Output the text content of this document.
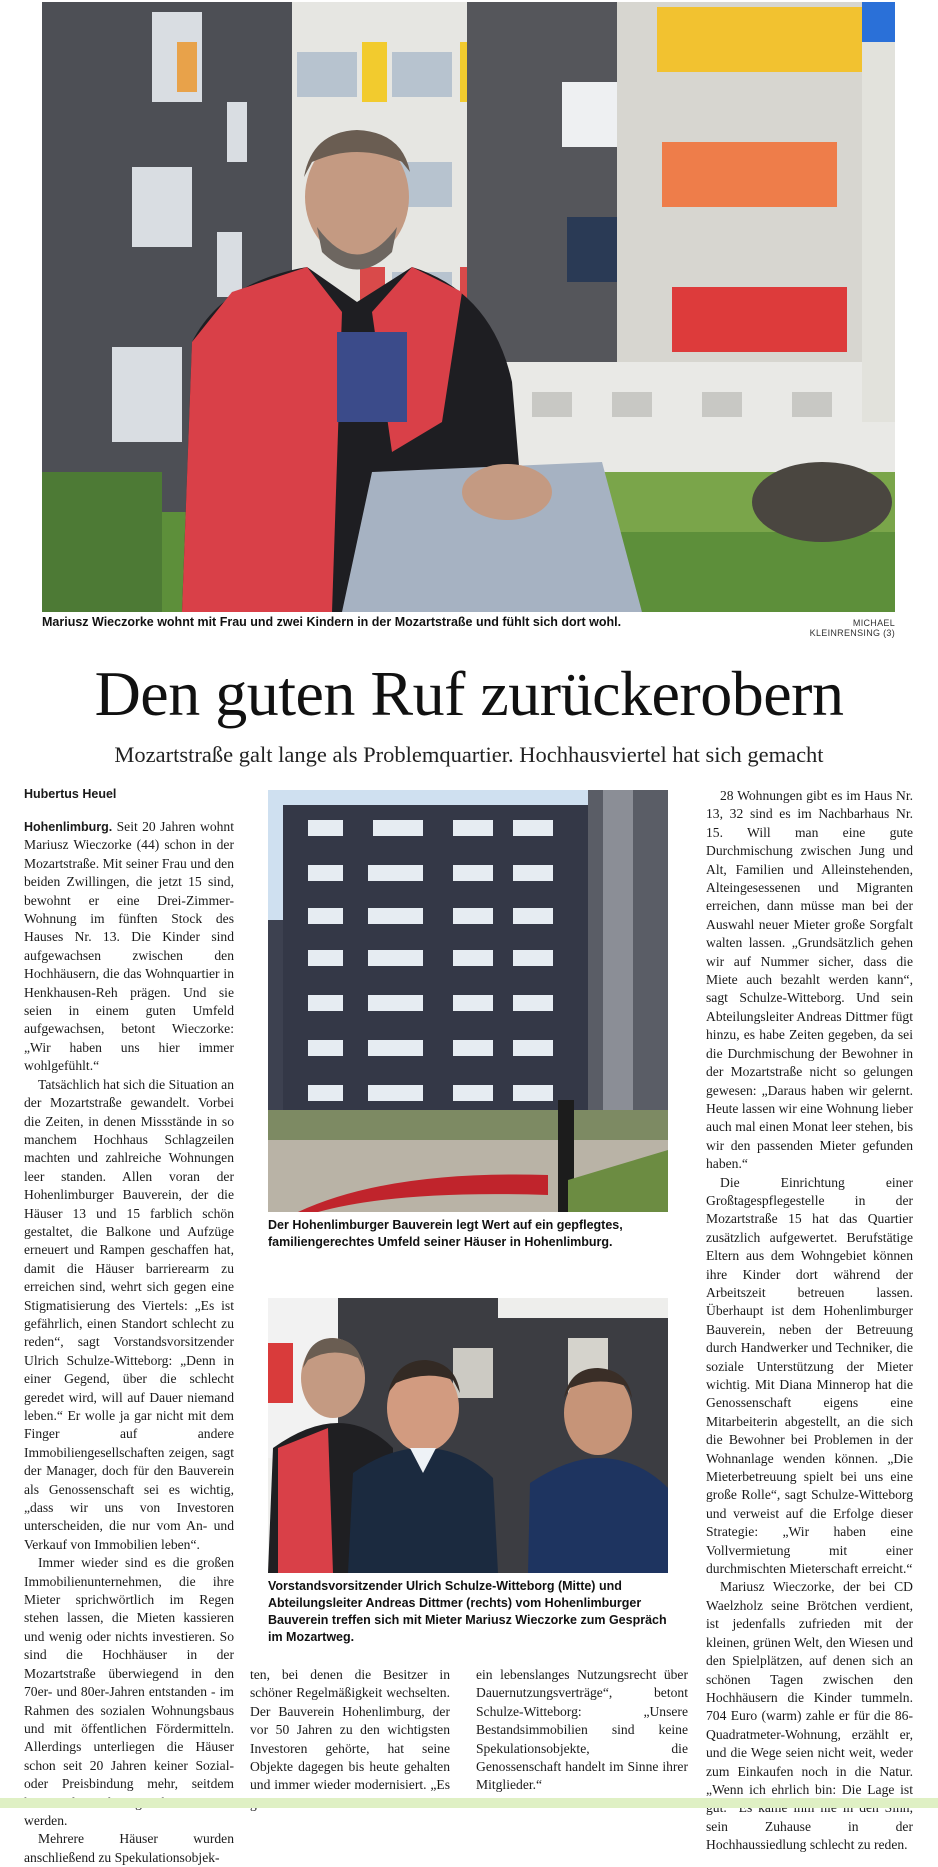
Mariusz Wieczorke wohnt mit Frau und zwei Kindern in der Mozartstraße und fühlt sich dort wohl.	MICHAEL KLEINRENSING (3)
Den guten Ruf zurückerobern
Mozartstraße galt lange als Problemquartier. Hochhausviertel hat sich gemacht
Hubertus Heuel

Hohenlimburg. Seit 20 Jahren wohnt Mariusz Wieczorke (44) schon in der Mozartstraße. Mit seiner Frau und den beiden Zwillingen, die jetzt 15 sind, bewohnt er eine Drei-Zimmer-Wohnung im fünften Stock des Hauses Nr. 13. Die Kinder sind aufgewachsen zwischen den Hochhäusern, die das Wohnquartier in Henkhausen-Reh prägen. Und sie seien in einem guten Umfeld aufgewachsen, betont Wieczorke: „Wir haben uns hier immer wohlgefühlt.“

Tatsächlich hat sich die Situation an der Mozartstraße gewandelt. Vorbei die Zeiten, in denen Missstände in so manchem Hochhaus Schlagzeilen machten und zahlreiche Wohnungen leer standen. Allen voran der Hohenlimburger Bauverein, der die Häuser 13 und 15 farblich schön gestaltet, die Balkone und Aufzüge erneuert und Rampen geschaffen hat, damit die Häuser barrierearm zu erreichen sind, wehrt sich gegen eine Stigmatisierung des Viertels: „Es ist gefährlich, einen Standort schlecht zu reden“, sagt Vorstandsvorsitzender Ulrich Schulze-Witteborg: „Denn in einer Gegend, über die schlecht geredet wird, will auf Dauer niemand leben.“ Er wolle ja gar nicht mit dem Finger auf andere Immobiliengesellschaften zeigen, sagt der Manager, doch für den Bauverein als Genossenschaft sei es wichtig, „dass wir uns von Investoren unterscheiden, die nur vom An- und Verkauf von Immobilien leben“.

Immer wieder sind es die großen Immobilienunternehmen, die ihre Mieter sprichwörtlich im Regen stehen lassen, die Mieten kassieren und wenig oder nichts investieren. So sind die Hochhäuser in der Mozartstraße überwiegend in den 70er- und 80er-Jahren entstanden - im Rahmen des sozialen Wohnungsbaus und mit öffentlichen Fördermitteln. Allerdings unterliegen die Häuser schon seit 20 Jahren keiner Sozial- oder Preisbindung mehr, seitdem werden.

Mehrere Häuser wurden anschließend zu Spekulationsobjek-

Der Hohenlimburger Bauverein legt Wert auf ein gepflegtes, familiengerechtes Umfeld seiner Häuser in Hohenlimburg.
Vorstandsvorsitzender Ulrich Schulze-Witteborg (Mitte) und Abteilungsleiter Andreas Dittmer (rechts) vom Hohenlimburger Bauverein treffen sich mit Mieter Mariusz Wieczorke zum Gespräch im Mozartweg.

ten, bei denen die Besitzer in schöner Regelmäßigkeit wechselten. Der Bauverein Hohenlimburg, der vor 50 Jahren zu den wichtigsten Investoren gehörte, hat seine Objekte dagegen bis heute gehalten und immer wieder modernisiert. „Es

ein lebenslanges Nutzungsrecht über Dauernutzungsverträge“, betont Schulze-Witteborg: „Unsere Bestandsimmobilien sind keine Spekulationsobjekte, die Genossenschaft handelt im Sinne ihrer Mitglieder.“

28 Wohnungen gibt es im Haus Nr. 13, 32 sind es im Nachbarhaus Nr. 15. Will man eine gute Durchmischung zwischen Jung und Alt, Familien und Alleinstehenden, Alteingesessenen und Migranten erreichen, dann müsse man bei der Auswahl neuer Mieter große Sorgfalt walten lassen. „Grundsätzlich gehen wir auf Nummer sicher, dass die Miete auch bezahlt werden kann“, sagt Schulze-Witteborg. Und sein Abteilungsleiter Andreas Dittmer fügt hinzu, es habe Zeiten gegeben, da sei die Durchmischung der Bewohner in der Mozartstraße nicht so gelungen gewesen: „Daraus haben wir gelernt. Heute lassen wir eine Wohnung lieber auch mal einen Monat leer stehen, bis wir den passenden Mieter gefunden haben.“

Die Einrichtung einer Großtagespflegestelle in der Mozartstraße 15 hat das Quartier zusätzlich aufgewertet. Berufstätige Eltern aus dem Wohngebiet können ihre Kinder dort während der Arbeitszeit betreuen lassen. Überhaupt ist dem Hohenlimburger Bauverein, neben der Betreuung durch Handwerker und Techniker, die soziale Unterstützung der Mieter wichtig. Mit Diana Minnerop hat die Genossenschaft eigens eine Mitarbeiterin abgestellt, an die sich die Bewohner bei Problemen in der Wohnanlage wenden können. „Die Mieterbetreuung spielt bei uns eine große Rolle“, sagt Schulze-Witteborg und verweist auf die Erfolge dieser Strategie: „Wir haben eine Vollvermietung mit einer durchmischten Mieterschaft erreicht.“

Mariusz Wieczorke, der bei CD Waelzholz seine Brötchen verdient, ist jedenfalls zufrieden mit der kleinen, grünen Welt, den Wiesen und den Spielplätzen, auf denen sich an schönen Tagen zwischen den Hochhäusern die Kinder tummeln. 704 Euro (warm) zahle er für die 86-Quadratmeter-Wohnung, erzählt er, und die Wege seien nicht weit, weder zum Einkaufen noch in die Natur. „Wenn ich ehrlich bin: Die Lage ist sein Zuhause in der Hochhaussiedlung schlecht zu reden.
